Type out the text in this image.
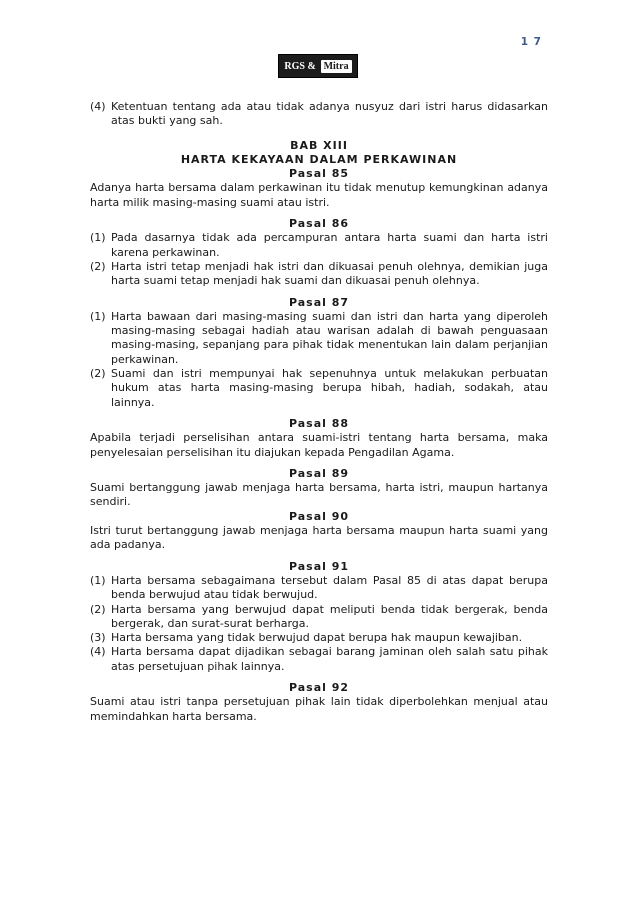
1 7
RGS & Mitra
(4) Ketentuan tentang ada atau tidak adanya nusyuz dari istri harus didasarkan atas bukti yang sah.
BAB XIII
HARTA KEKAYAAN DALAM PERKAWINAN
Pasal 85
Adanya harta bersama dalam perkawinan itu tidak menutup kemungkinan adanya harta milik masing-masing suami atau istri.
Pasal 86
(1) Pada dasarnya tidak ada percampuran antara harta suami dan harta istri karena perkawinan.
(2) Harta istri tetap menjadi hak istri dan dikuasai penuh olehnya, demikian juga harta suami tetap menjadi hak suami dan dikuasai penuh olehnya.
Pasal 87
(1) Harta bawaan dari masing-masing suami dan istri dan harta yang diperoleh masing-masing sebagai hadiah atau warisan adalah di bawah penguasaan masing-masing, sepanjang para pihak tidak menentukan lain dalam perjanjian perkawinan.
(2) Suami dan istri mempunyai hak sepenuhnya untuk melakukan perbuatan hukum atas harta masing-masing berupa hibah, hadiah, sodakah, atau lainnya.
Pasal 88
Apabila terjadi perselisihan antara suami-istri tentang harta bersama, maka penyelesaian perselisihan itu diajukan kepada Pengadilan Agama.
Pasal 89
Suami bertanggung jawab menjaga harta bersama, harta istri, maupun hartanya sendiri.
Pasal 90
Istri turut bertanggung jawab menjaga harta bersama maupun harta suami yang ada padanya.
Pasal 91
(1) Harta bersama sebagaimana tersebut dalam Pasal 85 di atas dapat berupa benda berwujud atau tidak berwujud.
(2) Harta bersama yang berwujud dapat meliputi benda tidak bergerak, benda bergerak, dan surat-surat berharga.
(3) Harta bersama yang tidak berwujud dapat berupa hak maupun kewajiban.
(4) Harta bersama dapat dijadikan sebagai barang jaminan oleh salah satu pihak atas persetujuan pihak lainnya.
Pasal 92
Suami atau istri tanpa persetujuan pihak lain tidak diperbolehkan menjual atau memindahkan harta bersama.
